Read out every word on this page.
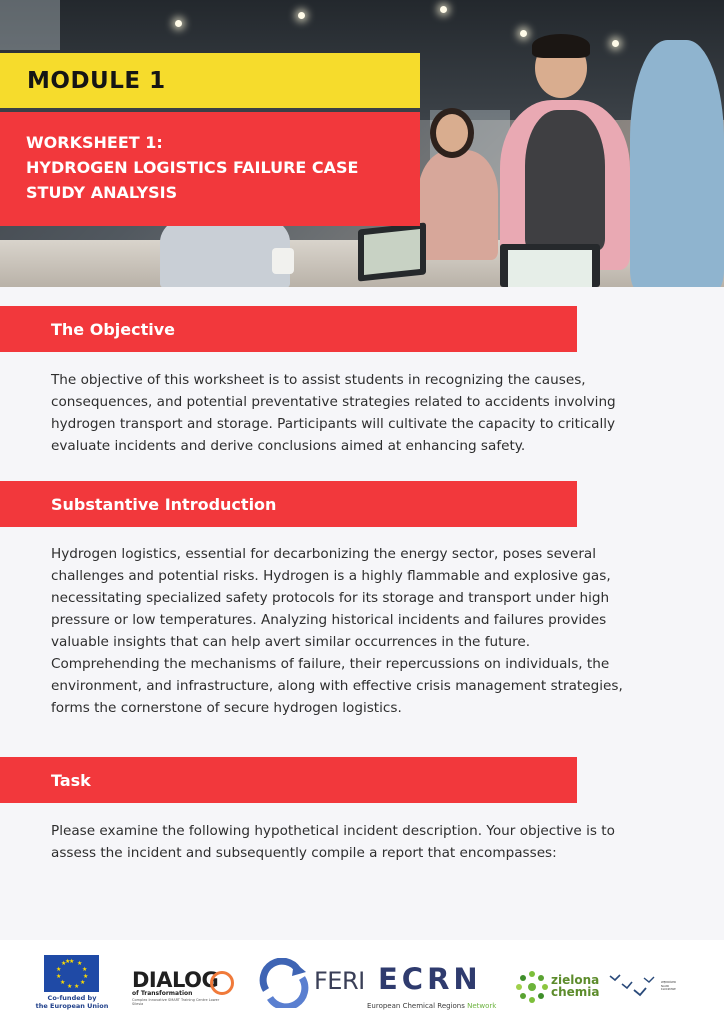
MODULE 1
WORKSHEET 1:
HYDROGEN LOGISTICS FAILURE CASE
STUDY ANALYSIS
The Objective
The objective of this worksheet is to assist students in recognizing the causes,
consequences, and potential preventative strategies related to accidents involving
hydrogen transport and storage. Participants will cultivate the capacity to critically
evaluate incidents and derive conclusions aimed at enhancing safety.
Substantive Introduction
Hydrogen logistics, essential for decarbonizing the energy sector, poses several
challenges and potential risks. Hydrogen is a highly flammable and explosive gas,
necessitating specialized safety protocols for its storage and transport under high
pressure or low temperatures. Analyzing historical incidents and failures provides
valuable insights that can help avert similar occurrences in the future.
Comprehending the mechanisms of failure, their repercussions on individuals, the
environment, and infrastructure, along with effective crisis management strategies,
forms the cornerstone of secure hydrogen logistics.
Task
Please examine the following hypothetical incident description. Your objective is to
assess the incident and subsequently compile a report that encompasses:
★ ★
★
★
★
★
★
★
★
★
★
★
Co-funded by
the European Union
DIALOG
of Transformation
Complex Innovative SMART Training Centre Lower Silesia
FERI ECRN
European Chemical Regions Network
zielona
chemia
WĘDRÓWKI NAUKI KLUCZOWE
